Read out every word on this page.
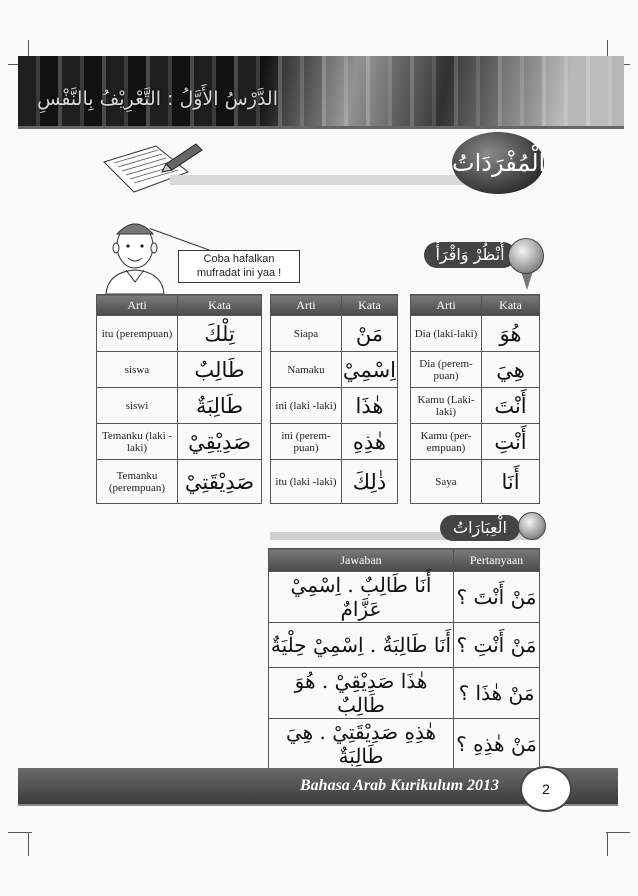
الدَّرْسُ الأَوَّلُ : التَّعْرِيْفُ بِالنَّفْسِ
الْمُفْرَدَاتُ
Coba hafalkan
mufradat ini yaa !
أُنْظُرْ وَاقْرَأْ
Arti	Kata
itu (perempuan)	تِلْكَ
siswa	طَالِبٌ
siswi	طَالِبَةٌ
Temanku (laki -laki)	صَدِيْقِيْ
Temanku (perempuan)	صَدِيْقَتِيْ
Arti	Kata
Siapa	مَنْ
Namaku	اِسْمِيْ
ini (laki -laki)	هٰذَا
ini (perem- puan)	هٰذِهِ
itu (laki -laki)	ذٰلِكَ
Arti	Kata
Dia (laki-laki)	هُوَ
Dia (perem- puan)	هِيَ
Kamu (Laki-laki)	أَنْتَ
Kamu (per- empuan)	أَنْتِ
Saya	أَنَا
الْعِبَارَاتُ
Jawaban	Pertanyaan
أَنَا طَالِبٌ . اِسْمِيْ عَزَّامٌ	مَنْ أَنْتَ ؟
أَنَا طَالِبَةٌ . اِسْمِيْ حِلْيَةٌ	مَنْ أَنْتِ ؟
هٰذَا صَدِيْقِيْ . هُوَ طَالِبٌ	مَنْ هٰذَا ؟
هٰذِهِ صَدِيْقَتِيْ . هِيَ طَالِبَةٌ	مَنْ هٰذِهِ ؟
Bahasa Arab Kurikulum 2013	2
